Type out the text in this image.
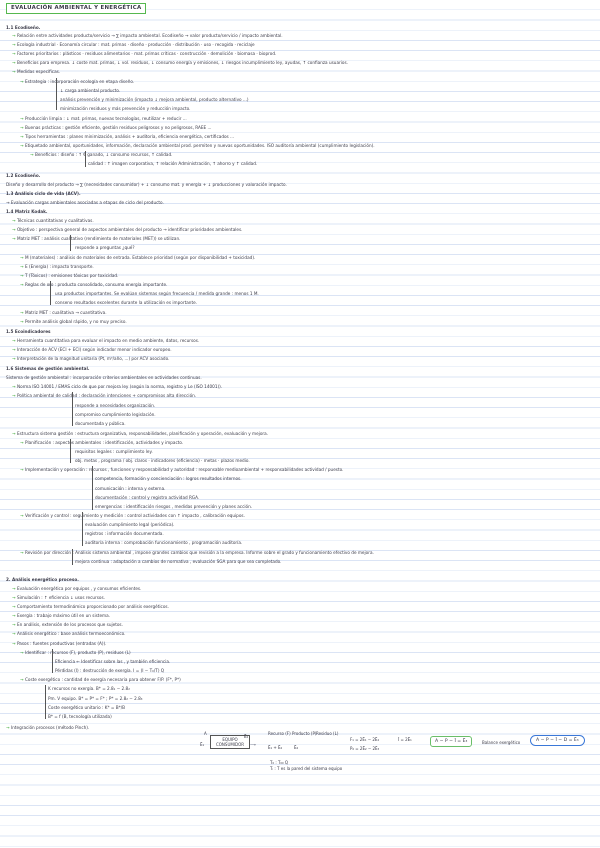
EVALUACIÓN AMBIENTAL Y ENERGÉTICA
1.1 Ecodiseño.
→ Relación entre actividades producto/servicio → ∑ impacto ambiental. Ecodiseño → valor producto/servicio / impacto ambiental.
→ Ecología industrial · Economía circular : mat. primas · diseño · producción · distribución · uso · recogida · reciclaje
→ Factores prioritarios : plásticos · residuos alimentarios · mat. primas críticas · construcción · demolición · biomasa · bioprod.
→ Beneficios para empresa. ↓ coste mat. primas, ↓ vol. residuos, ↓ consumo energía y emisiones, ↓ riesgos incumplimiento ley, ayudas, ↑ confianza usuarios.
→ Medidas específicas.
→ Estrategia : incorporación ecología en etapa diseño.
↓ carga ambiental producto.
análisis prevención y minimización (impacto ↓ mejora ambiental, producto alternativo ...)
minimización residuos y más prevención y reducción impacto.
→ Producción limpia : ↓ mat. primas, nuevas tecnologías, reutilizar + reducir ...
→ Buenas prácticas : gestión eficiente, gestión residuos peligrosos y no peligrosos, RAEE ...
→ Tipos herramientas : planes minimización, análisis + auditoría, eficiencia energética, certificados ...
→ Etiquetado ambiental, oportunidades, información, declaración ambiental prod. permiten y nuevas oportunidades. ISO auditoría ambiental (cumplimiento legislación).
→ Beneficios : diseño : ↑ € ganado, ↓ consumo recursos, ↑ calidad.
calidad : ↑ imagen corporativa, ↑ relación Administración, ↑ ahorro y ↑ calidad.
1.2 Ecodiseño.
Diseño y desarrollo del producto → ∑ (necesidades consumidor) + ↓ consumo mat. y energía + ↓ producciones y valoración impacto.
1.3 Análisis ciclo de vida (ACV).
→ Evaluación cargas ambientales asociadas a etapas de ciclo del producto.
1.4 Matriz Kodak.
→ Técnicas cuantitativas y cualitativas.
→ Objetivo : perspectiva general de aspectos ambientales del producto → identificar prioridades ambientales.
→ Matriz MET : análisis cualitativo (rendimiento de materiales (MET)) se utilizan.
responde a preguntas ¿qué?
→ M (materiales) : análisis de materiales de entrada. Establece prioridad (según por disponibilidad + toxicidad).
→ E (Energía) : impacto transporte.
→ T (Tóxicos) : emisiones tóxicas por toxicidad.
→ Reglas de oro : producto consolidado, consumo energía importante.
usa productos importantes. Se evalúan sistemas según frecuencia / medida grande : menos 1 M.
conseno resultados excelentes durante la utilización es importante.
→ Matriz MET : cualitativa → cuantitativa.
→ Permite análisis global rápido, y no muy preciso.
1.5 Ecoindicadores
→ Herramienta cuantitativa para evaluar el impacto en medio ambiente, datos, recursos.
→ Interacción de ACV (ECI + ECI) según indicador menor indicador europeo.
→ Interpretación de la magnitud unitaria (Pt, m³/año, ...) por ACV asociado.
1.6 Sistemas de gestión ambiental.
Sistema de gestión ambiental : incorporación criterios ambientales en actividades continuas.
→ Norma ISO 14001 / EMAS ciclo de que por mejora ley (según la norma, registro y Le (ISO 14001)).
→ Política ambiental de calidad : declaración intenciones + compromisos alta dirección.
responde a necesidades organización.
compromiso cumplimiento legislación.
documentada y pública.
→ Estructura sistema gestión : estructura organizativa, responsabilidades, planificación y operación, evaluación y mejora.
→ Planificación : aspectos ambientales : identificación, actividades y impacto.
requisitos legales : cumplimiento ley.
obj. metas , programa / obj. claros · indicadores (eficiencia) · metas · plazos medio.
→ Implementación y operación : recursos , funciones y responsabilidad y autoridad : responsable medioambiental + responsabilidades actividad / puesto.
competencia, formación y concienciación : logros resultados internos.
comunicación : interna y externa.
documentación : control y registro actividad RGA.
emergencias : identificación riesgos , medidas prevención y planes acción.
→ Verificación y control : seguimiento y medición : control actividades con ↑ impacto , calibración equipos.
evaluación cumplimiento legal (periódica).
registros : información documentada.
auditoría interna : comprobación funcionamiento , programación auditoría.
→ Revisión por dirección : Análisis sistema ambiental , impone grandes cambios que revisión a la empresa. Informe sobre el grado y funcionamiento efectivo de mejora.
mejora continua : adaptación a cambios de normativa , evaluación SGA para que sea completado.
2. Análisis energético proceso.
→ Evaluación energética por equipos , y consumos eficientes.
→ Simulación : ↑ eficiencia ↓ usos recursos.
→ Comportamiento termodinámico proporcionado por análisis exergéticos.
→ Exergía : trabajo máximo útil en un sistema.
→ En análisis, extensión de los procesos que sujetos.
→ Análisis energético : base análisis termoeconómico.
→ Pasos : fuentes productivas (entradas (A)).
→ Identificar : recursos (F), producto (P), residuos (L)
Eficiencia ← Identificar sobre las , y también eficiencia.
Pérdidas (I) : destrucción de exergía. I = (I − T₀/T) Q
→ Coste exergético : cantidad de exergía necesaria para obtener F/P. (F*, P*)
K recursos no exergía. B* = 2.8₁ − 2.8₂
Pm. V equipo. B* = P* = F* ; P* = 2.8₂ − 2.8₃
Coste exergético unitario : K* = B*/B
B* = f (B, tecnología utilizada)
→ Integración procesos (método Pinch).
A
Ē₁
EQUIPO CONSUMIDOR	⟶
Ē₂
Recurso (F) Producto (P) Residuo (L)
Ē₁ + Ē₂	Ē₂
T₀ : T₀₀ Q
Tᵢ : T es la pared del sistema equipo
F₁ = 2Ē₁ − 2Ē₂
P₂ = 2Ē₂ − 2Ē₃
Ī = 2Ē₁	A − P − Ī = Ē₃	Balance exergético	A − P − Ī − D = Ē₃
